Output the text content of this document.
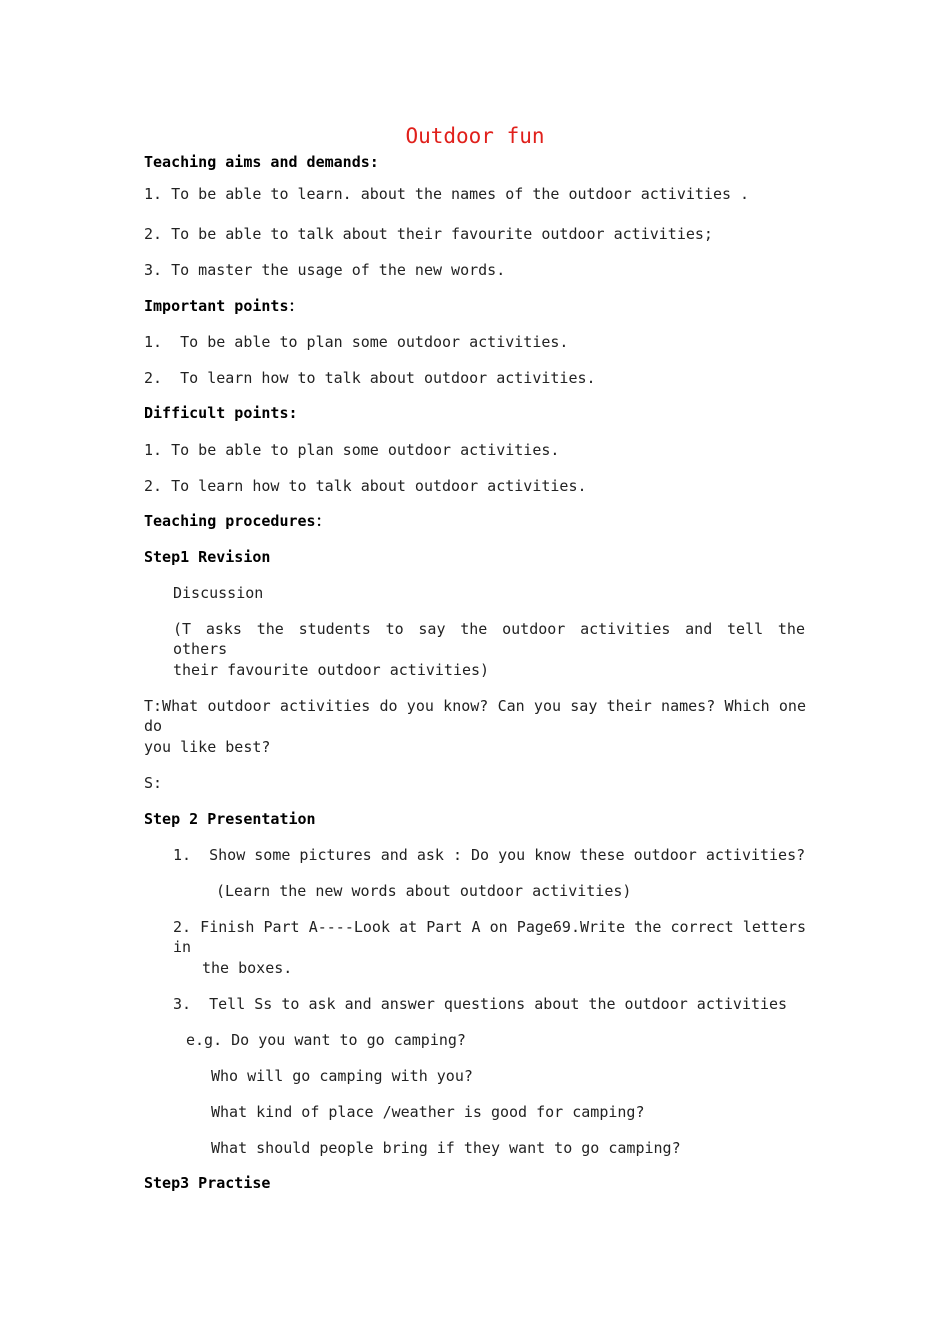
Outdoor fun
Teaching aims and demands:
1. To be able to learn. about the names of the outdoor activities .
2. To be able to talk about their favourite outdoor activities;
3. To master the usage of the new words.
Important points：
1.  To be able to plan some outdoor activities.
2.  To learn how to talk about outdoor activities.
Difficult points:
1. To be able to plan some outdoor activities.
2. To learn how to talk about outdoor activities.
Teaching procedures：
Step1 Revision
Discussion
(T asks the students to say the outdoor activities and tell the others
their favourite outdoor activities)
T:What outdoor activities do you know? Can you say their names? Which one do
you like best?
S:
Step 2 Presentation
1.  Show some pictures and ask : Do you know these outdoor activities?
(Learn the new words about outdoor activities)
2. Finish Part A----Look at Part A on Page69.Write the correct letters in
the boxes.
3.  Tell Ss to ask and answer questions about the outdoor activities
e.g. Do you want to go camping?
Who will go camping with you?
What kind of place /weather is good for camping?
What should people bring if they want to go camping?
Step3 Practise
